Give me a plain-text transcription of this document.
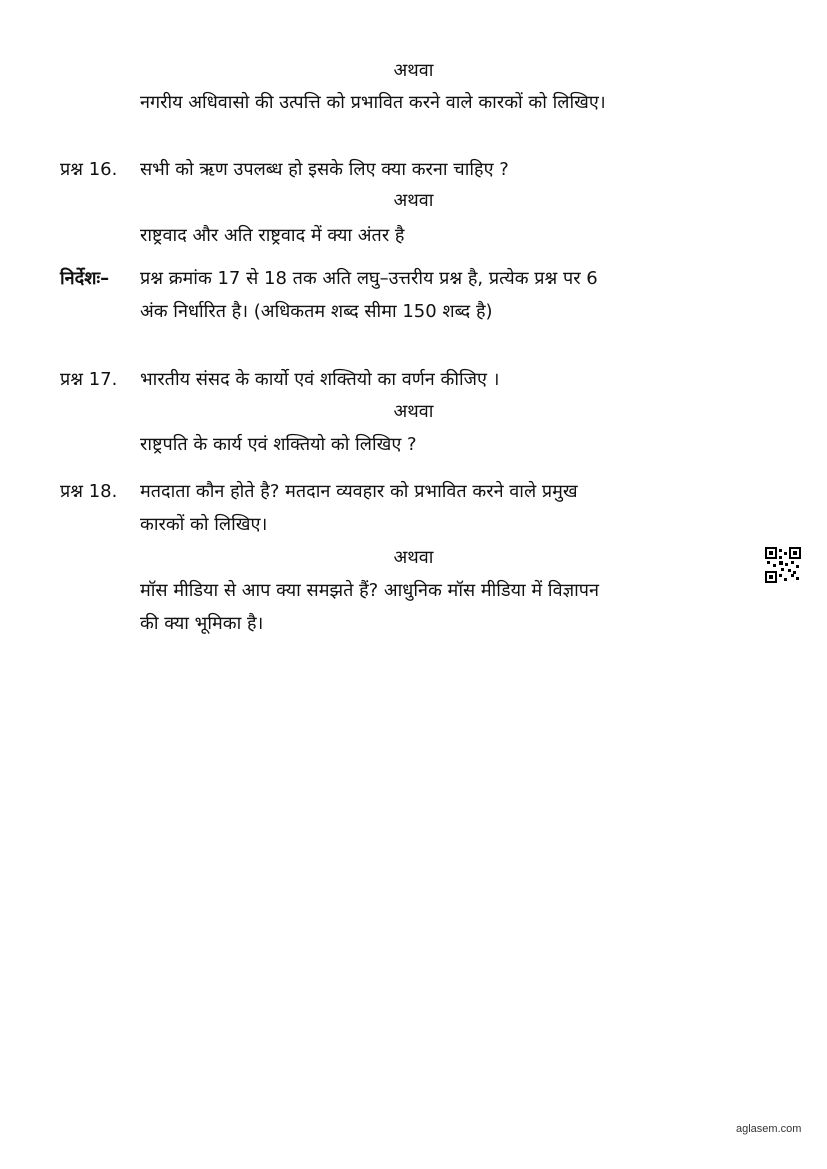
अथवा
नगरीय अधिवासो की उत्पत्ति को प्रभावित करने वाले कारकों को लिखिए।
प्रश्न 16. सभी को ऋण उपलब्ध हो इसके लिए क्या करना चाहिए ?
अथवा
राष्ट्रवाद और अति राष्ट्रवाद में क्या अंतर है
निर्देशः– प्रश्न क्रमांक 17 से 18 तक अति लघु–उत्तरीय प्रश्न है, प्रत्येक प्रश्न पर 6
अंक निर्धारित है। (अधिकतम शब्द सीमा 150 शब्द है)
प्रश्न 17. भारतीय संसद के कार्यो एवं शक्तियो का वर्णन कीजिए ।
अथवा
राष्ट्रपति के कार्य एवं शक्तियो को लिखिए ?
प्रश्न 18. मतदाता कौन होते है? मतदान व्यवहार को प्रभावित करने वाले प्रमुख
कारकों को लिखिए।
अथवा
मॉस मीडिया से आप क्या समझते हैं? आधुनिक मॉस मीडिया में विज्ञापन
की क्या भूमिका है।
aglasem.com
